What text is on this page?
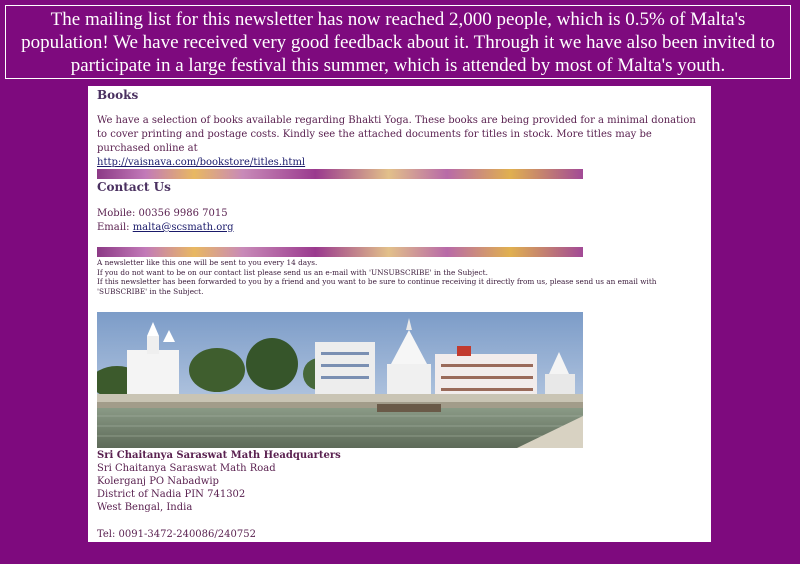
The mailing list for this newsletter has now reached 2,000 people, which is 0.5% of Malta's population! We have received very good feedback about it. Through it we have also been invited to participate in a large festival this summer, which is attended by most of Malta's youth.
Books
We have a selection of books available regarding Bhakti Yoga. These books are being provided for a minimal donation to cover printing and postage costs. Kindly see the attached documents for titles in stock. More titles may be purchased online at
http://vaisnava.com/bookstore/titles.html
Contact Us
Mobile: 00356 9986 7015
Email: malta@scsmath.org
A newsletter like this one will be sent to you every 14 days.
If you do not want to be on our contact list please send us an e-mail with 'UNSUBSCRIBE' in the Subject.
If this newsletter has been forwarded to you by a friend and you want to be sure to continue receiving it directly from us, please send us an email with 'SUBSCRIBE' in the Subject.
Sri Chaitanya Saraswat Math Headquarters
Sri Chaitanya Saraswat Math Road
Kolerganj PO Nabadwip
District of Nadia PIN 741302
West Bengal, India
Tel: 0091-3472-240086/240752
